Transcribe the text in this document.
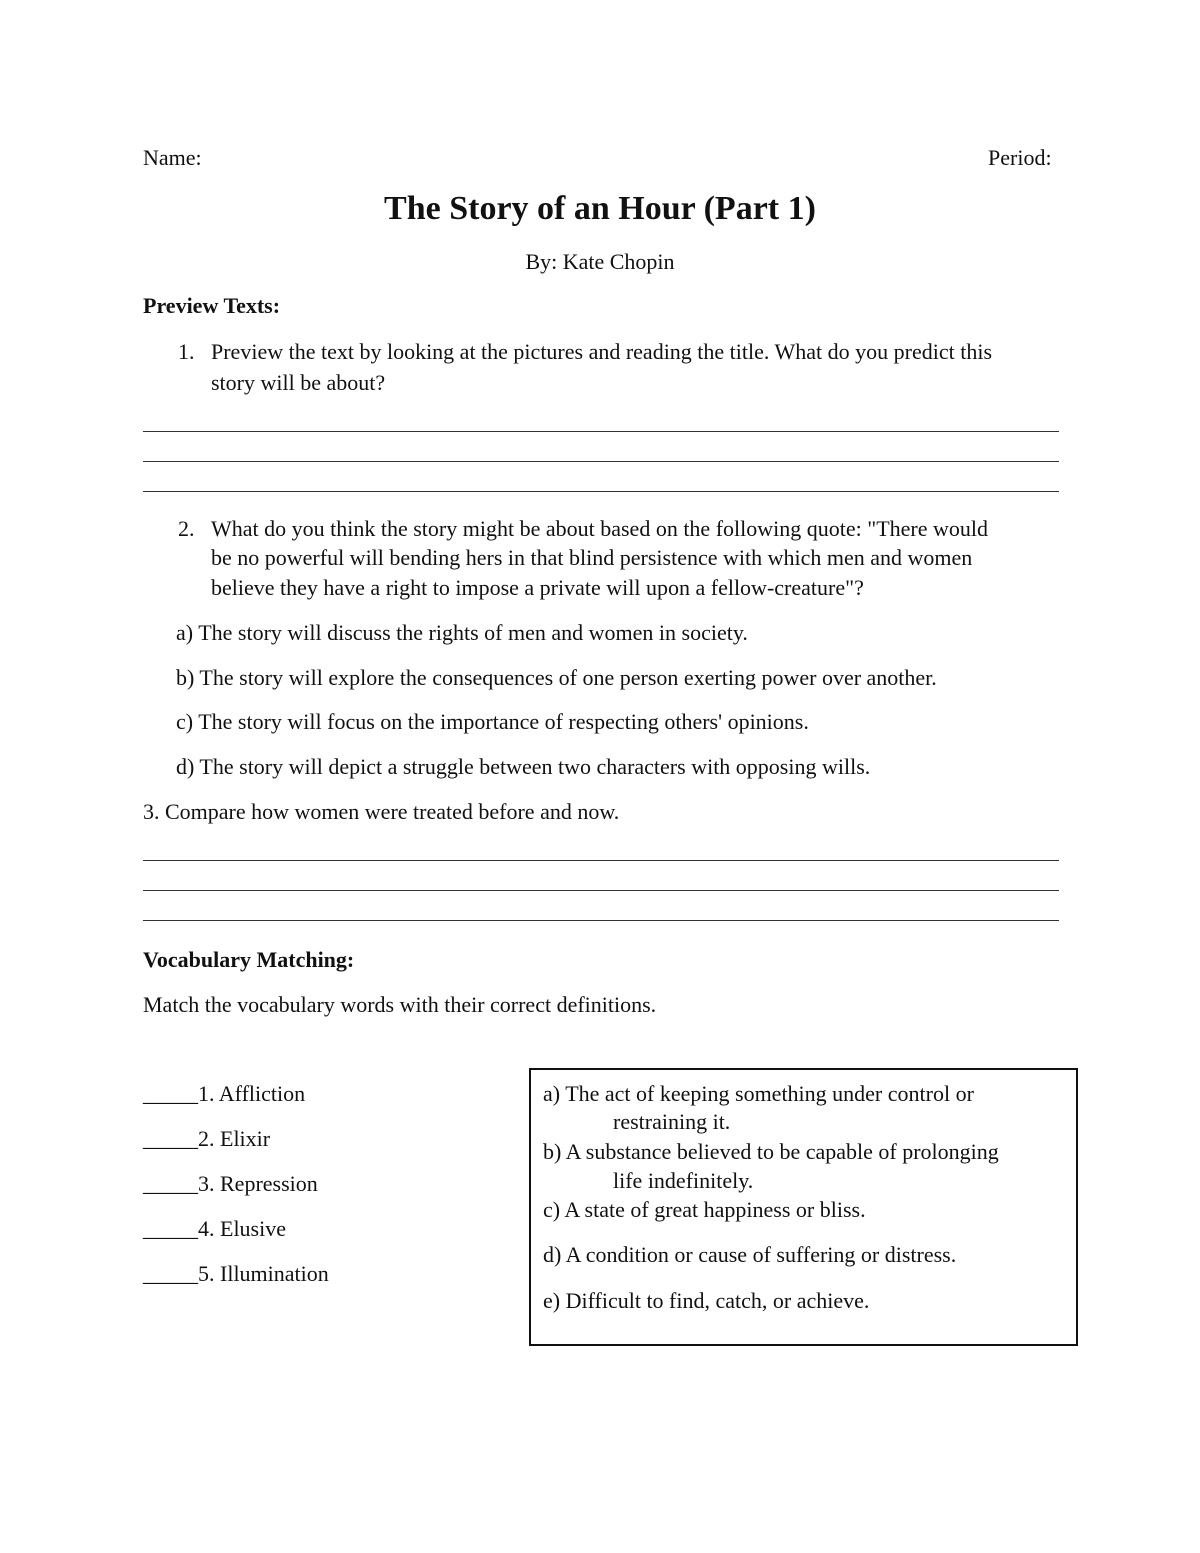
Name:	Period:
The Story of an Hour (Part 1)
By: Kate Chopin
Preview Texts:
1. Preview the text by looking at the pictures and reading the title. What do you predict this
story will be about?
2. What do you think the story might be about based on the following quote: "There would
be no powerful will bending hers in that blind persistence with which men and women
believe they have a right to impose a private will upon a fellow-creature"?
a) The story will discuss the rights of men and women in society.
b) The story will explore the consequences of one person exerting power over another.
c) The story will focus on the importance of respecting others' opinions.
d) The story will depict a struggle between two characters with opposing wills.
3. Compare how women were treated before and now.
Vocabulary Matching:
Match the vocabulary words with their correct definitions.
_____1. Affliction
_____2. Elixir
_____3. Repression
_____4. Elusive
_____5. Illumination
a) The act of keeping something under control or
restraining it.
b) A substance believed to be capable of prolonging
life indefinitely.
c) A state of great happiness or bliss.
d) A condition or cause of suffering or distress.
e) Difficult to find, catch, or achieve.
